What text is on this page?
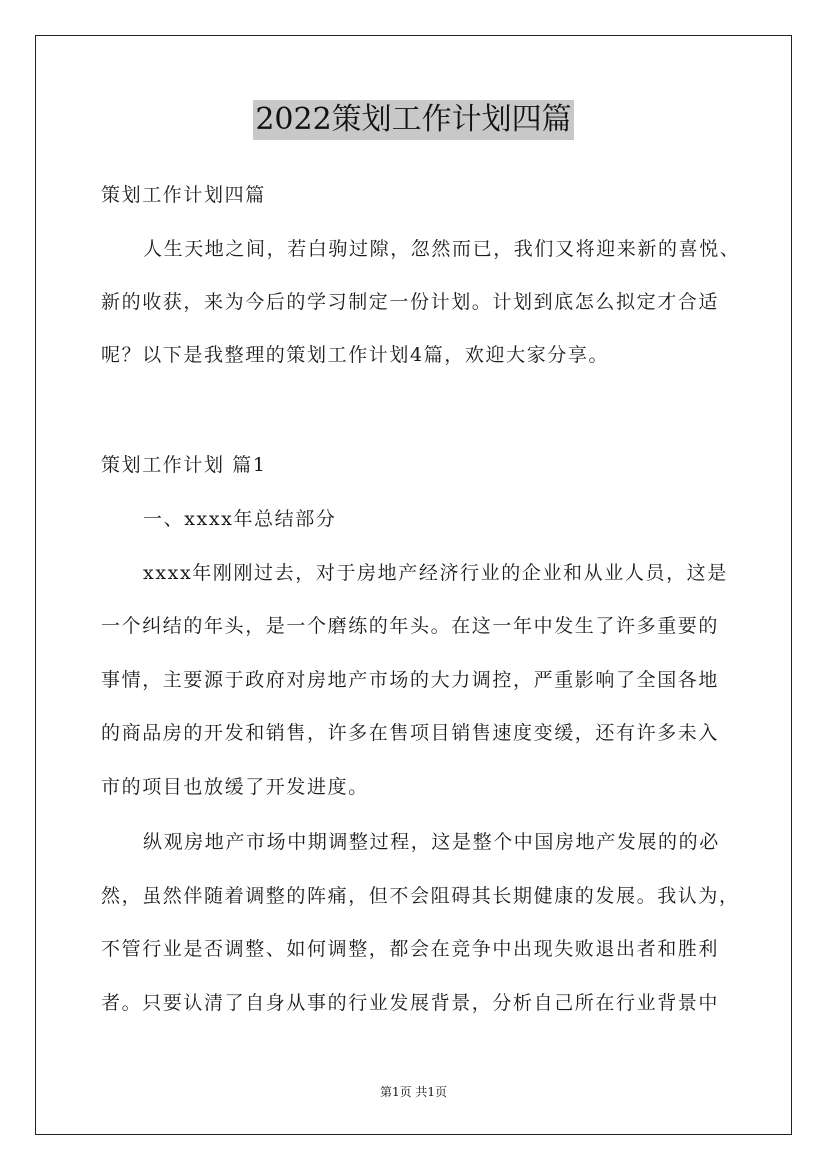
2022策划工作计划四篇
策划工作计划四篇
人生天地之间，若白驹过隙，忽然而已，我们又将迎来新的喜悦、
新的收获，来为今后的学习制定一份计划。计划到底怎么拟定才合适
呢？以下是我整理的策划工作计划4篇，欢迎大家分享。
策划工作计划 篇1
一、xxxx年总结部分
xxxx年刚刚过去，对于房地产经济行业的企业和从业人员，这是
一个纠结的年头，是一个磨练的年头。在这一年中发生了许多重要的
事情，主要源于政府对房地产市场的大力调控，严重影响了全国各地
的商品房的开发和销售，许多在售项目销售速度变缓，还有许多未入
市的项目也放缓了开发进度。
纵观房地产市场中期调整过程，这是整个中国房地产发展的的必
然，虽然伴随着调整的阵痛，但不会阻碍其长期健康的发展。我认为，
不管行业是否调整、如何调整，都会在竞争中出现失败退出者和胜利
者。只要认清了自身从事的行业发展背景，分析自己所在行业背景中
第1页 共1页
